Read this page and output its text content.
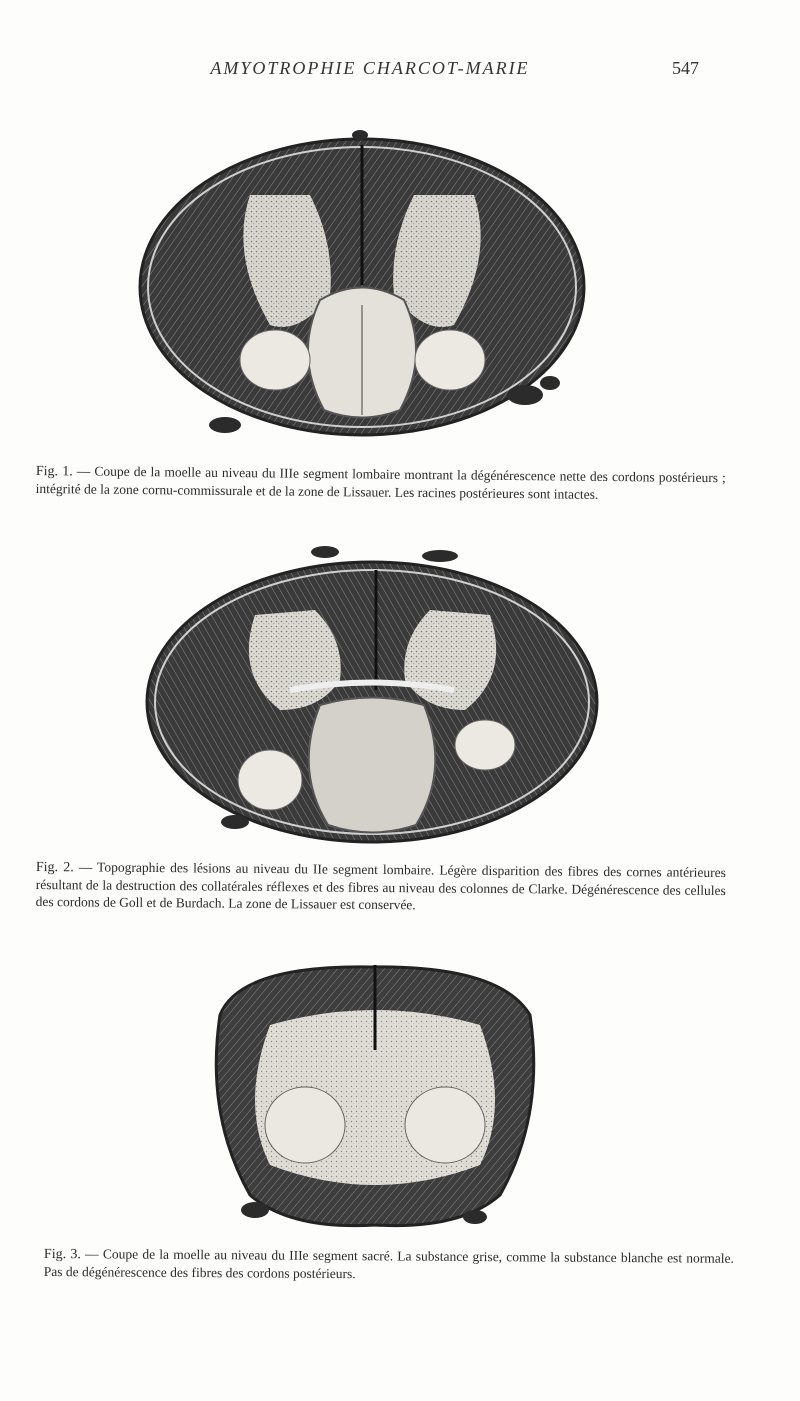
AMYOTROPHIE CHARCOT-MARIE	547
Fig. 1. — Coupe de la moelle au niveau du IIIe segment lombaire montrant la dégénérescence nette des cordons postérieurs ; intégrité de la zone cornu-commissurale et de la zone de Lissauer. Les racines postérieures sont intactes.
Fig. 2. — Topographie des lésions au niveau du IIe segment lombaire. Légère disparition des fibres des cornes antérieures résultant de la destruction des collatérales réflexes et des fibres au niveau des colonnes de Clarke. Dégénérescence des cellules des cordons de Goll et de Burdach. La zone de Lissauer est conservée.
Fig. 3. — Coupe de la moelle au niveau du IIIe segment sacré. La substance grise, comme la substance blanche est normale. Pas de dégénérescence des fibres des cordons postérieurs.
